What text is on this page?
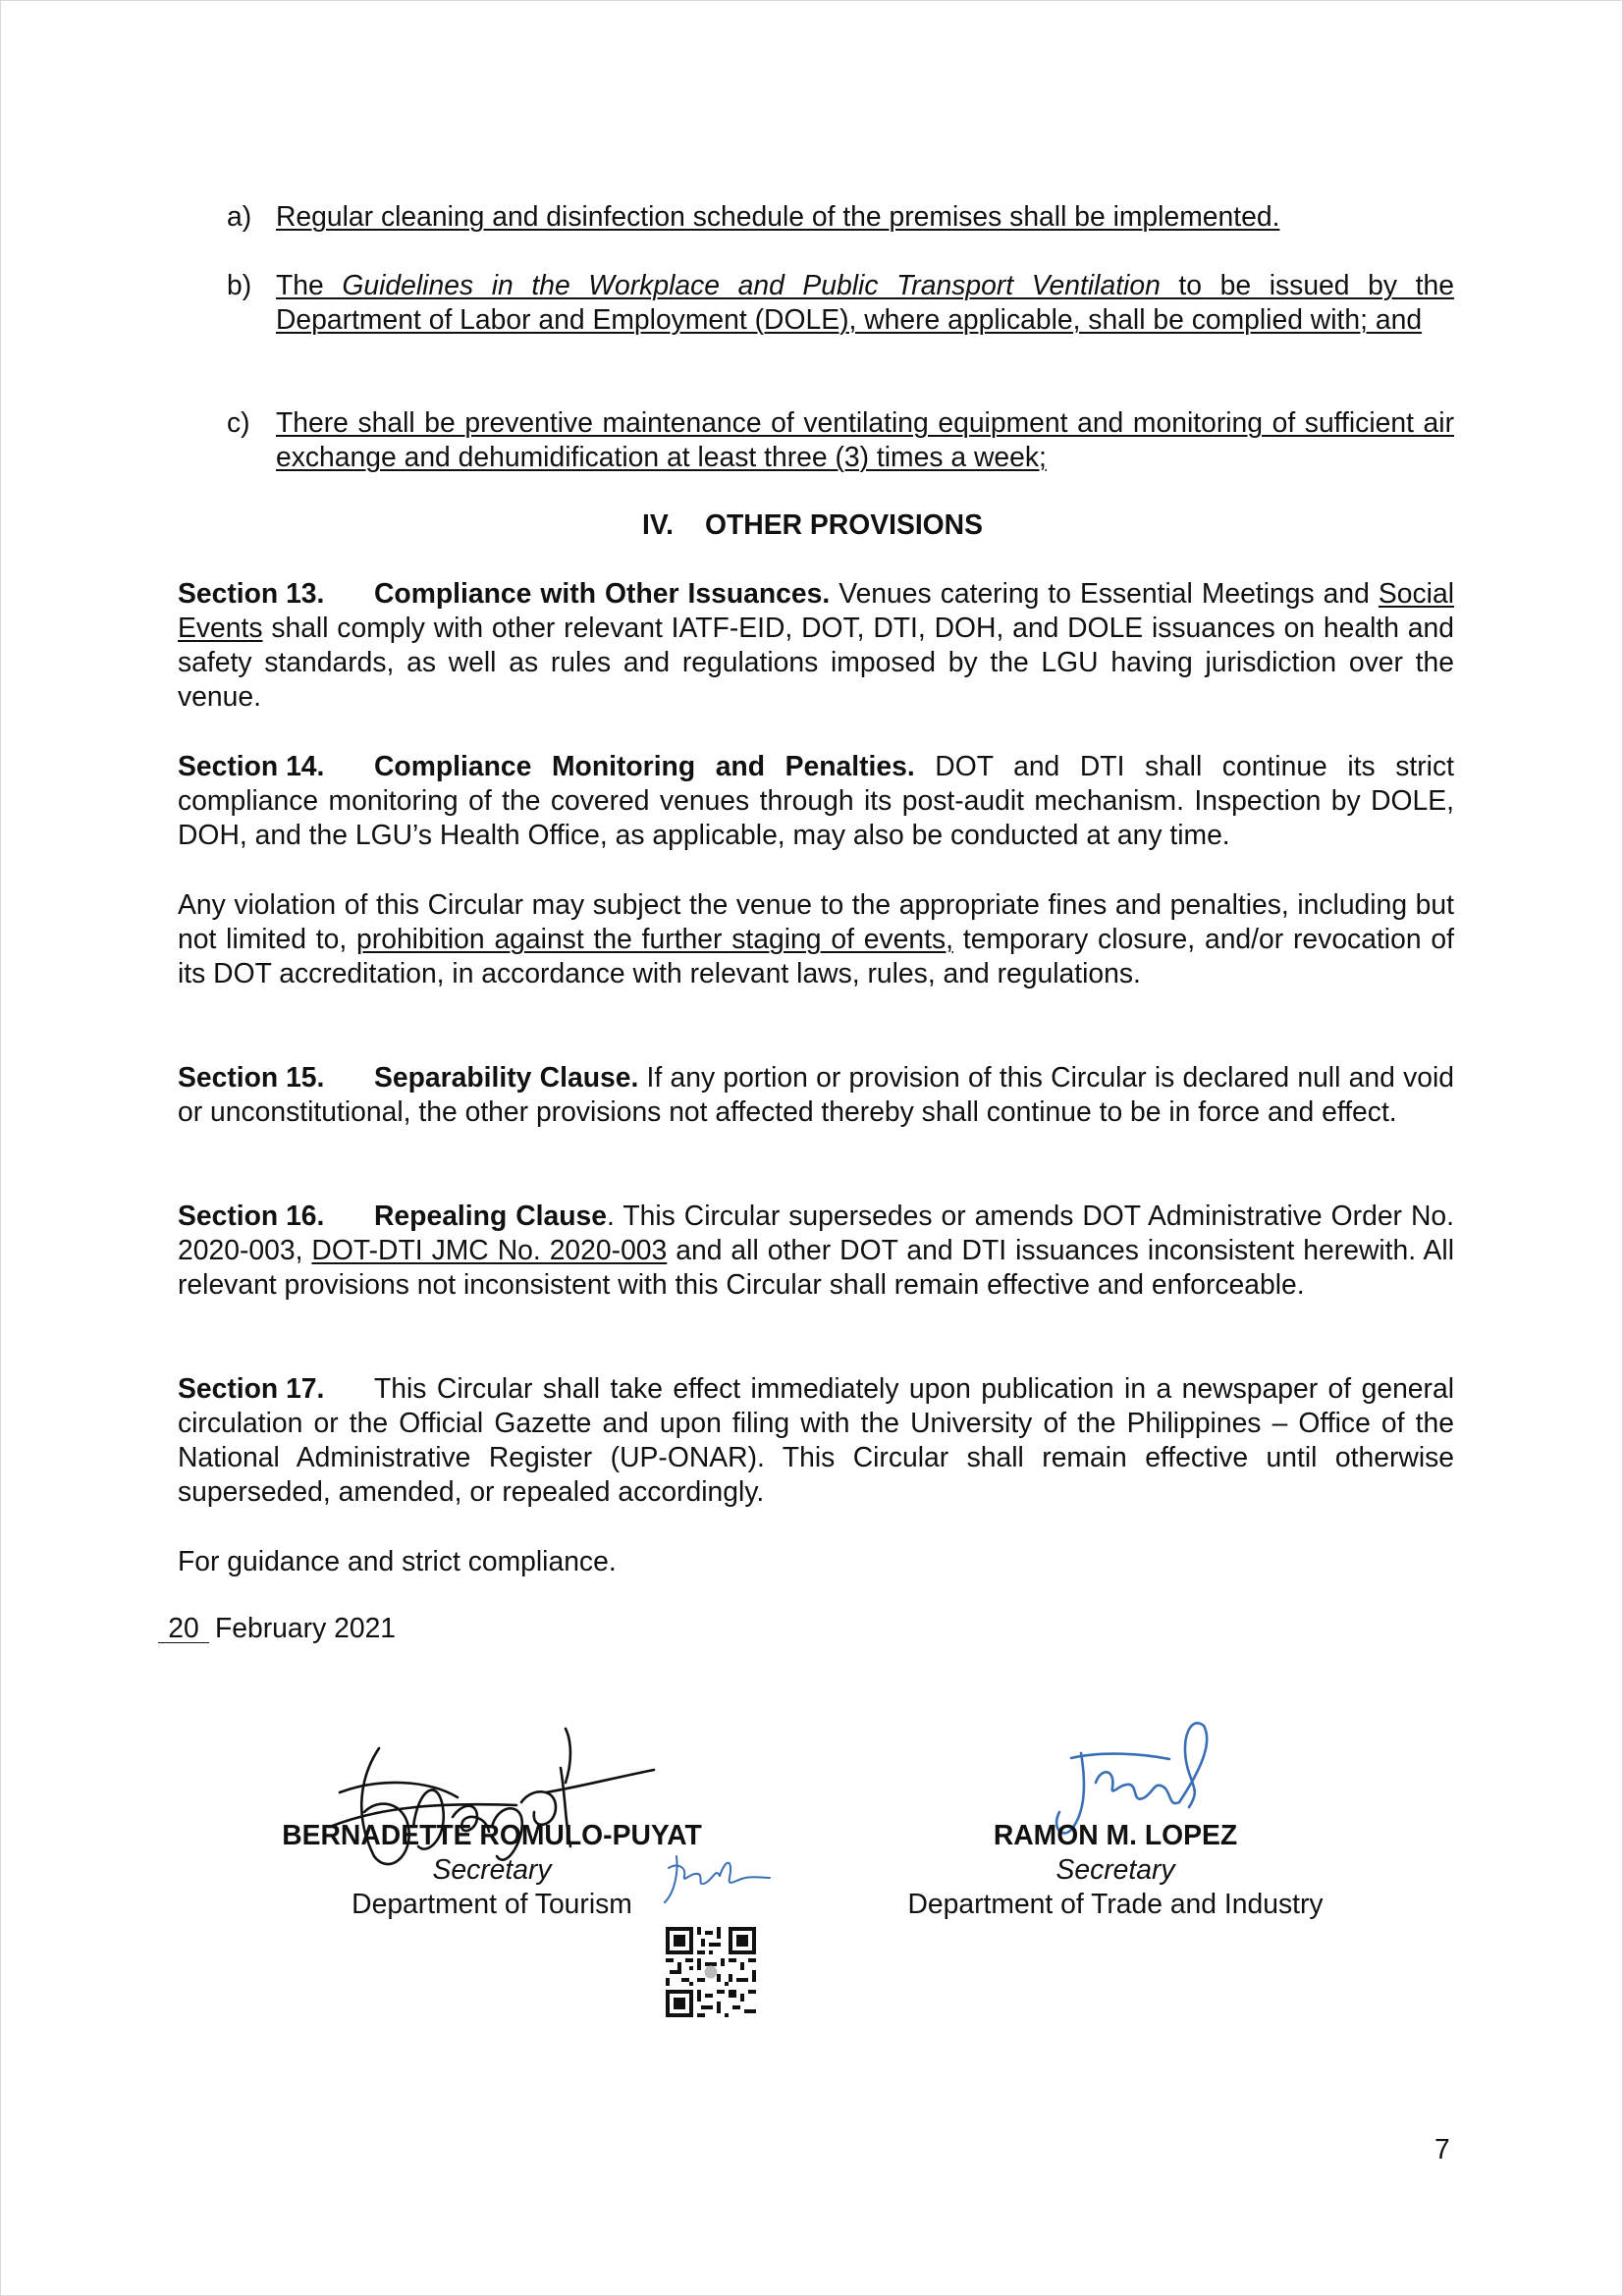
a) Regular cleaning and disinfection schedule of the premises shall be implemented.
b) The Guidelines in the Workplace and Public Transport Ventilation to be issued by the Department of Labor and Employment (DOLE), where applicable, shall be complied with; and
c) There shall be preventive maintenance of ventilating equipment and monitoring of sufficient air exchange and dehumidification at least three (3) times a week;
IV. OTHER PROVISIONS
Section 13. Compliance with Other Issuances. Venues catering to Essential Meetings and Social Events shall comply with other relevant IATF-EID, DOT, DTI, DOH, and DOLE issuances on health and safety standards, as well as rules and regulations imposed by the LGU having jurisdiction over the venue.
Section 14. Compliance Monitoring and Penalties. DOT and DTI shall continue its strict compliance monitoring of the covered venues through its post-audit mechanism. Inspection by DOLE, DOH, and the LGU’s Health Office, as applicable, may also be conducted at any time.
Any violation of this Circular may subject the venue to the appropriate fines and penalties, including but not limited to, prohibition against the further staging of events, temporary closure, and/or revocation of its DOT accreditation, in accordance with relevant laws, rules, and regulations.
Section 15. Separability Clause. If any portion or provision of this Circular is declared null and void or unconstitutional, the other provisions not affected thereby shall continue to be in force and effect.
Section 16. Repealing Clause. This Circular supersedes or amends DOT Administrative Order No. 2020-003, DOT-DTI JMC No. 2020-003 and all other DOT and DTI issuances inconsistent herewith. All relevant provisions not inconsistent with this Circular shall remain effective and enforceable.
Section 17. This Circular shall take effect immediately upon publication in a newspaper of general circulation or the Official Gazette and upon filing with the University of the Philippines – Office of the National Administrative Register (UP-ONAR). This Circular shall remain effective until otherwise superseded, amended, or repealed accordingly.
For guidance and strict compliance.
20 February 2021
BERNADETTE ROMULO-PUYAT
Secretary
Department of Tourism
RAMON M. LOPEZ
Secretary
Department of Trade and Industry
7
